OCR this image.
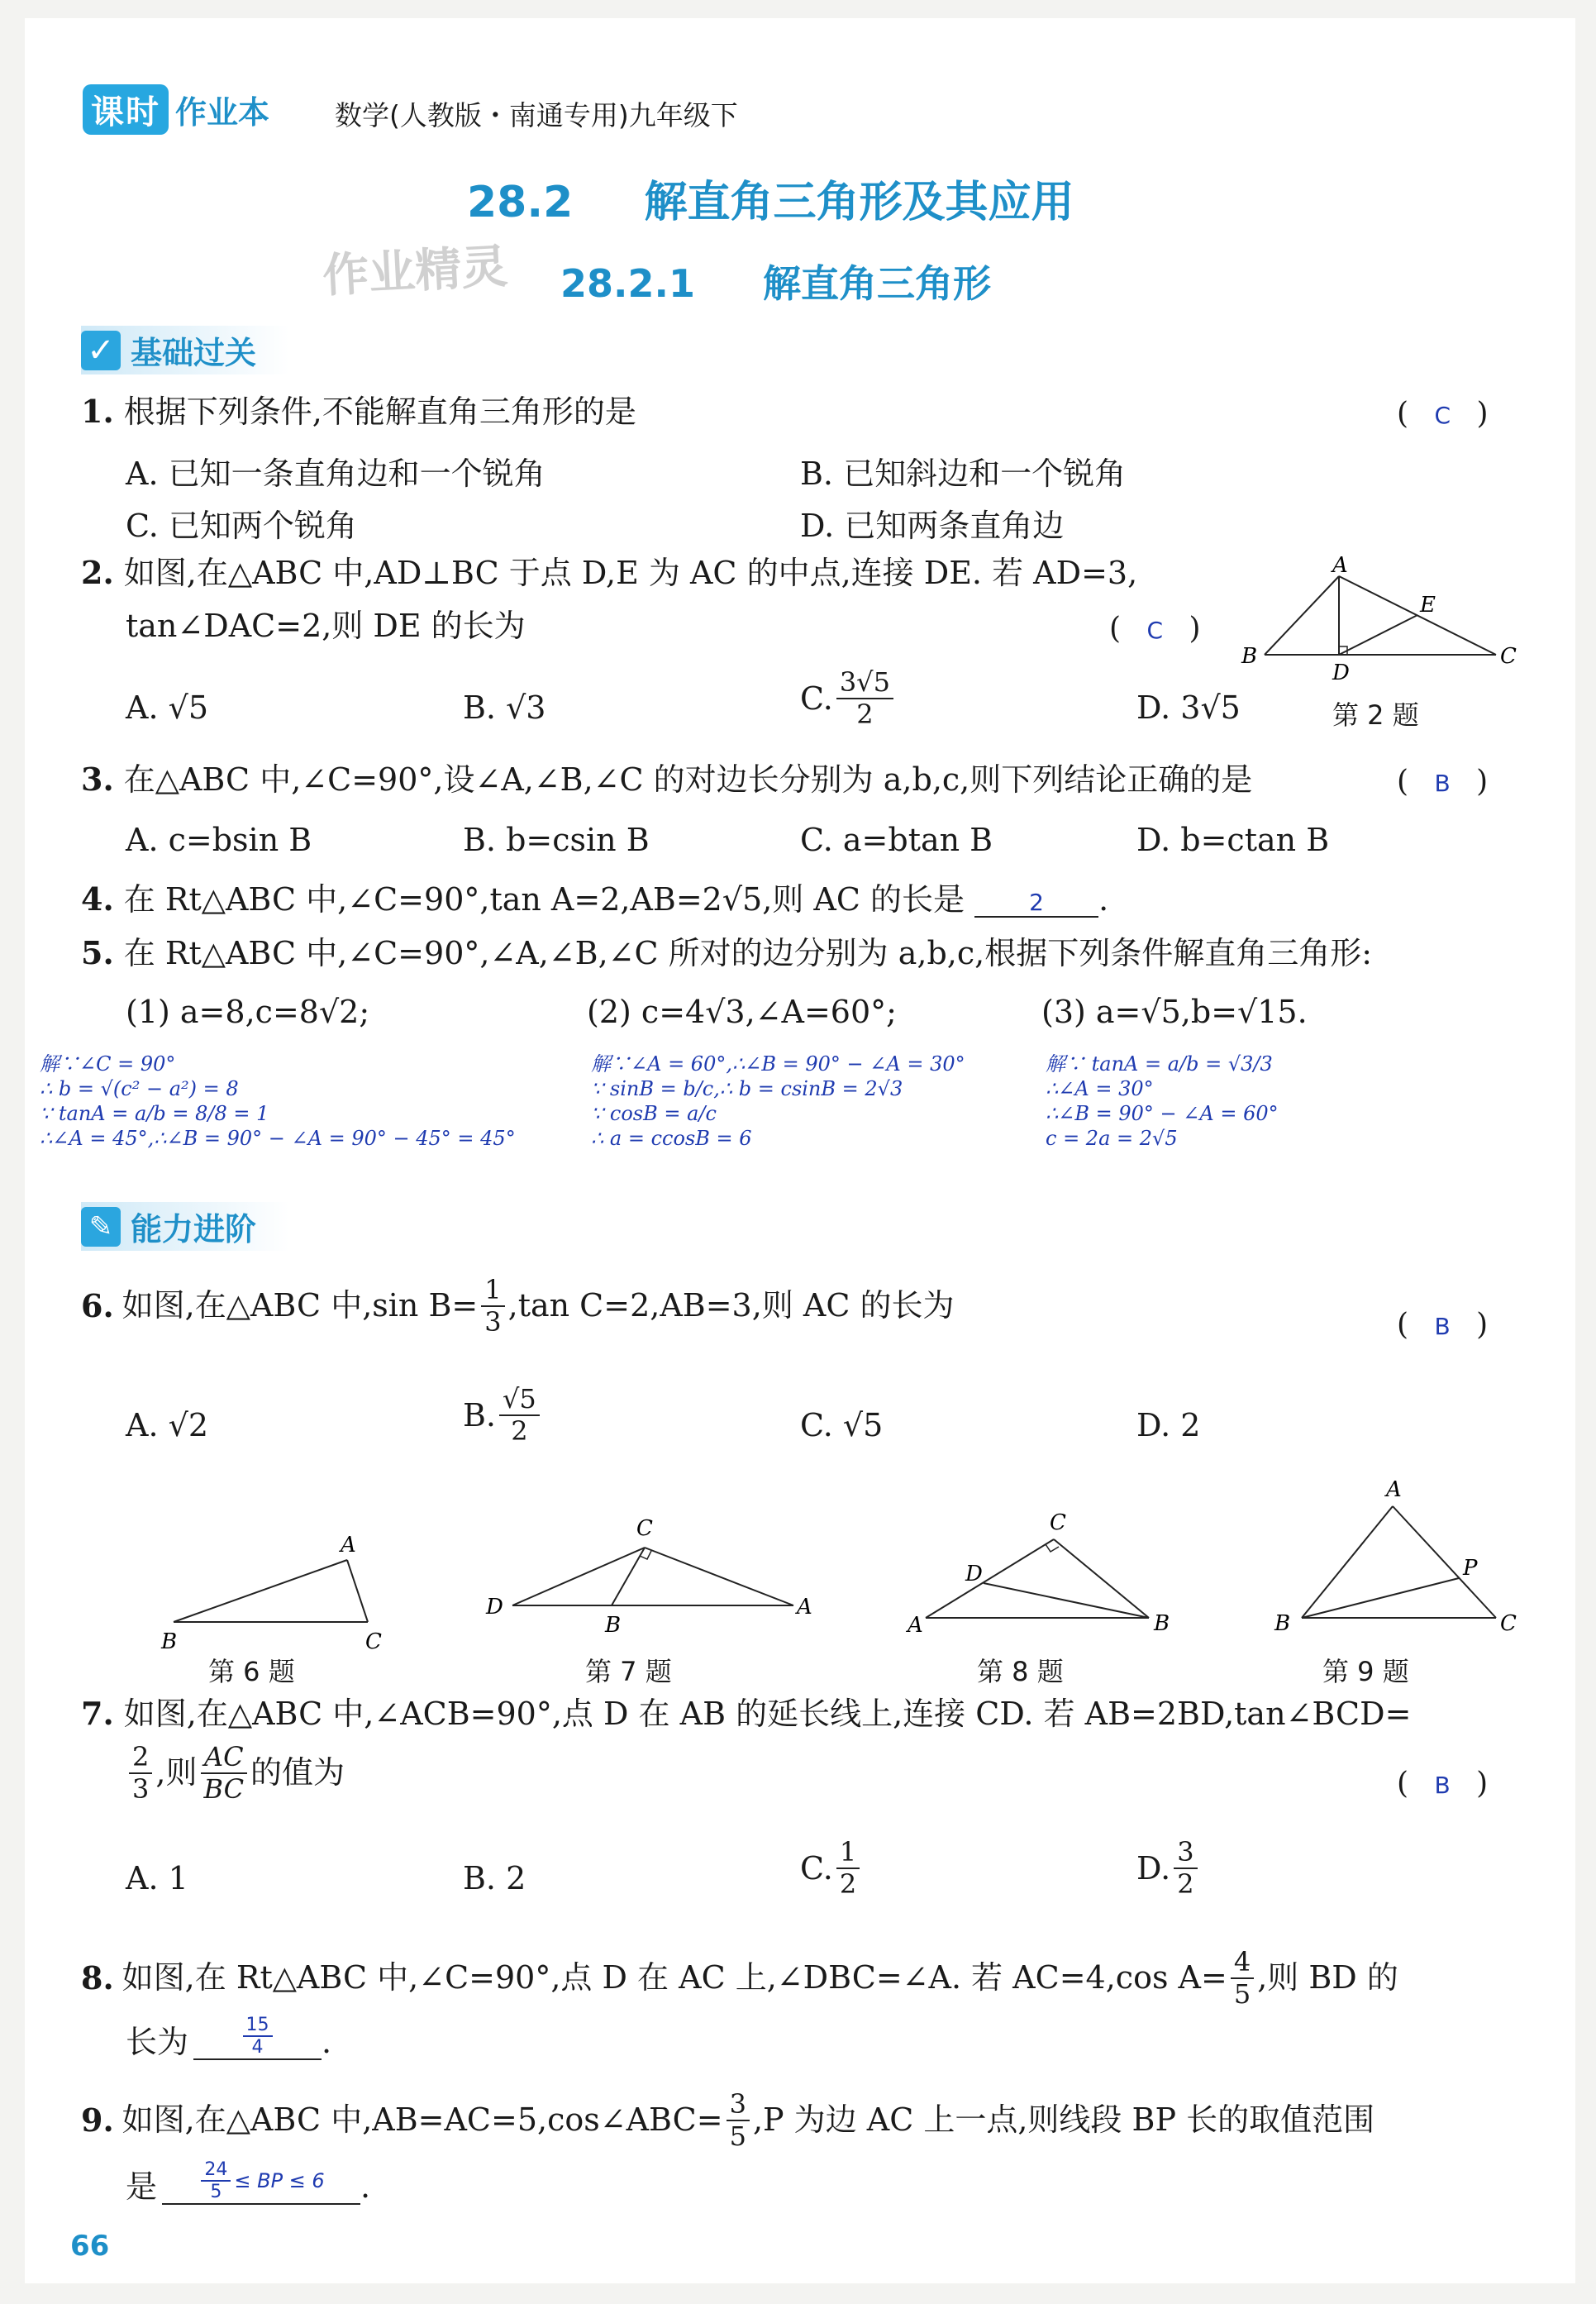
课时 作业本 数学(人教版・南通专用)九年级下
28.2 解直角三角形及其应用
作业精灵 28.2.1 解直角三角形
✓ 基础过关
1. 根据下列条件,不能解直角三角形的是	( C )
A. 已知一条直角边和一个锐角	B. 已知斜边和一个锐角
C. 已知两个锐角	D. 已知两条直角边
2. 如图,在△ABC 中,AD⊥BC 于点 D,E 为 AC 的中点,连接 DE. 若 AD=3,
tan∠DAC=2,则 DE 的长为	( C )
A. √5	B. √3	C. $\frac{3√5}{2}$	D. 3√5
A
B	C
D
E
第 2 题
3. 在△ABC 中,∠C=90°,设∠A,∠B,∠C 的对边长分别为 a,b,c,则下列结论正确的是	( B )
A. c=bsin B	B. b=csin B	C. a=btan B	D. b=ctan B
4. 在 Rt△ABC 中,∠C=90°,tan A=2,AB=2√5,则 AC 的长是	2 .
5. 在 Rt△ABC 中,∠C=90°,∠A,∠B,∠C 所对的边分别为 a,b,c,根据下列条件解直角三角形:
(1) a=8,c=8√2;	(2) c=4√3,∠A=60°;	(3) a=√5,b=√15.
解∵∠C = 90°
∴ b = √(c² − a²) = 8
∵ tanA = a/b = 8/8 = 1
∴∠A = 45°,∴∠B = 90° − ∠A = 90° − 45° = 45°
解∵∠A = 60°,∴∠B = 90° − ∠A = 30°
∵ sinB = b/c,∴ b = csinB = 2√3
∵ cosB = a/c
∴ a = ccosB = 6
解∵ tanA = a/b = √3/3
∴∠A = 30°
∴∠B = 90° − ∠A = 60°
c = 2a = 2√5
✎ 能力进阶
6. 如图,在△ABC 中,sin $B= \frac{1}{3} ,\tan$ C=2,AB=3,则 AC 的长为
( B )
A. √2	B. $\frac{√5}{2}$	C. √5	D. 2
A
B	C
第 6 题
C
D
B
A
第 7 题
C
D
A	B
第 8 题
A
B	C
P
第 9 题
7. 如图,在△ABC 中,∠ACB=90°,点 D 在 AB 的延长线上,连接 CD. 若 AB=2BD,tan∠BCD=
$\frac{2}{3}$ ,则 $\frac{AC}{BC}$ 的值为	( B )
A. 1	B. 2	C. $\frac{1}{2}$	D. $\frac{3}{2}$
8. 如图,在 Rt△ABC 中,∠C=90°,点 D 在 AC 上,∠DBC=∠A. 若 AC=4,cos $A= \frac{4}{5}$ ,则 BD 的
长为	$\frac{15}{4}$ .
9. 如图,在△ABC 中,AB=AC=5,cos∠ABC= $\frac{3}{5} ,P$ 为边 AC 上一点,则线段 BP 长的取值范围
是 $\frac{24}{5}$ ≤ BP ≤ 6 .
66
